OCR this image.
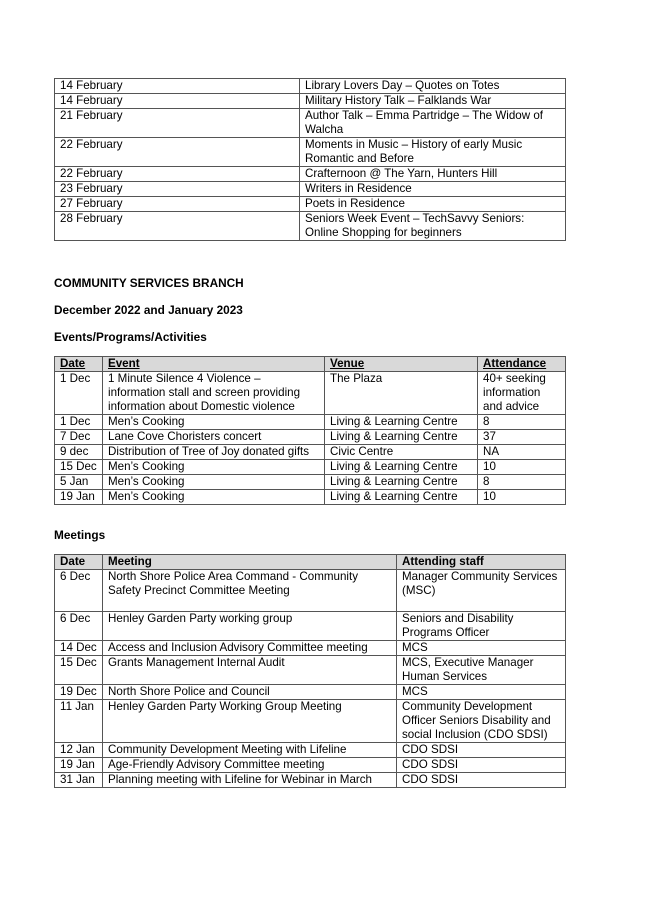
14 February	Library Lovers Day – Quotes on Totes
14 February	Military History Talk – Falklands War
21 February	Author Talk – Emma Partridge – The Widow of Walcha
22 February	Moments in Music – History of early Music Romantic and Before
22 February	Crafternoon @ The Yarn, Hunters Hill
23 February	Writers in Residence
27 February	Poets in Residence
28 February	Seniors Week Event – TechSavvy Seniors: Online Shopping for beginners
COMMUNITY SERVICES BRANCH
December 2022 and January 2023
Events/Programs/Activities
Date	Event	Venue	Attendance
1 Dec	1 Minute Silence 4 Violence – information stall and screen providing information about Domestic violence	The Plaza	40+ seeking information and advice
1 Dec	Men’s Cooking	Living & Learning Centre	8
7 Dec	Lane Cove Choristers concert	Living & Learning Centre	37
9 dec	Distribution of Tree of Joy donated gifts	Civic Centre	NA
15 Dec	Men’s Cooking	Living & Learning Centre	10
5 Jan	Men’s Cooking	Living & Learning Centre	8
19 Jan	Men’s Cooking	Living & Learning Centre	10
Meetings
Date	Meeting	Attending staff
6 Dec	North Shore Police Area Command - Community Safety Precinct Committee Meeting	Manager Community Services (MSC)
6 Dec	Henley Garden Party working group	Seniors and Disability Programs Officer
14 Dec	Access and Inclusion Advisory Committee meeting	MCS
15 Dec	Grants Management Internal Audit	MCS, Executive Manager Human Services
19 Dec	North Shore Police and Council	MCS
11 Jan	Henley Garden Party Working Group Meeting	Community Development Officer Seniors Disability and social Inclusion (CDO SDSI)
12 Jan	Community Development Meeting with Lifeline	CDO SDSI
19 Jan	Age-Friendly Advisory Committee meeting	CDO SDSI
31 Jan	Planning meeting with Lifeline for Webinar in March	CDO SDSI
